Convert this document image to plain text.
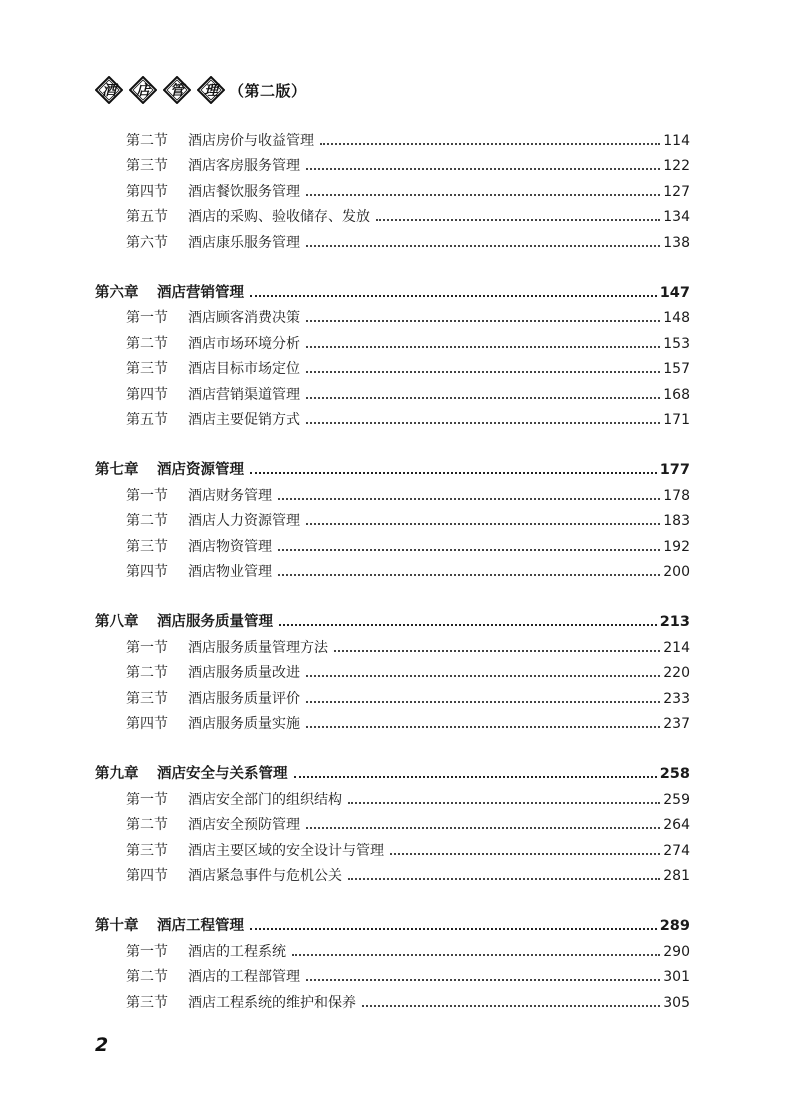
酒	店	管	理 （第二版）
第二节	酒店房价与收益管理	114
第三节	酒店客房服务管理	122
第四节	酒店餐饮服务管理	127
第五节	酒店的采购、验收储存、发放	134
第六节	酒店康乐服务管理	138
第六章	酒店营销管理	147
第一节	酒店顾客消费决策	148
第二节	酒店市场环境分析	153
第三节	酒店目标市场定位	157
第四节	酒店营销渠道管理	168
第五节	酒店主要促销方式	171
第七章	酒店资源管理	177
第一节	酒店财务管理	178
第二节	酒店人力资源管理	183
第三节	酒店物资管理	192
第四节	酒店物业管理	200
第八章	酒店服务质量管理	213
第一节	酒店服务质量管理方法	214
第二节	酒店服务质量改进	220
第三节	酒店服务质量评价	233
第四节	酒店服务质量实施	237
第九章	酒店安全与关系管理	258
第一节	酒店安全部门的组织结构	259
第二节	酒店安全预防管理	264
第三节	酒店主要区域的安全设计与管理	274
第四节	酒店紧急事件与危机公关	281
第十章	酒店工程管理	289
第一节	酒店的工程系统	290
第二节	酒店的工程部管理	301
第三节	酒店工程系统的维护和保养	305
2
